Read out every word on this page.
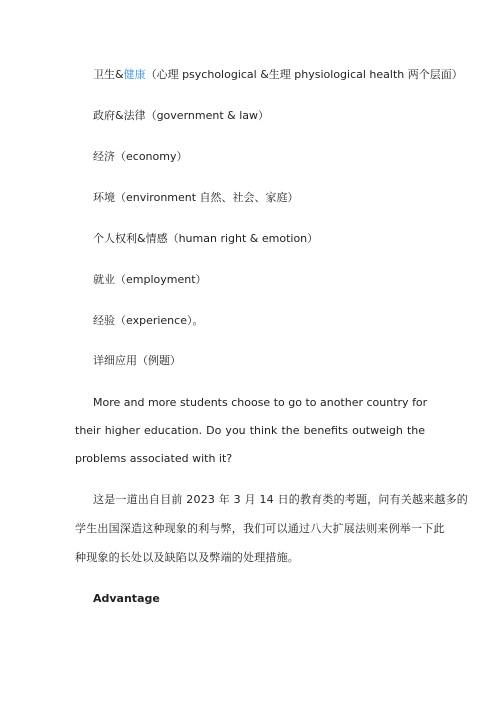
卫生&健康（心理 psychological &生理 physiological health 两个层面）
政府&法律（government & law）
经济（economy）
环境（environment 自然、社会、家庭）
个人权利&情感（human right & emotion）
就业（employment）
经验（experience）。
详细应用（例题）
More and more students choose to go to another country for
their higher education. Do you think the benefits outweigh the
problems associated with it?
这是一道出自目前 2023 年 3 月 14 日的教育类的考题，问有关越来越多的
学生出国深造这种现象的利与弊，我们可以通过八大扩展法则来例举一下此
种现象的长处以及缺陷以及弊端的处理措施。
Advantage
